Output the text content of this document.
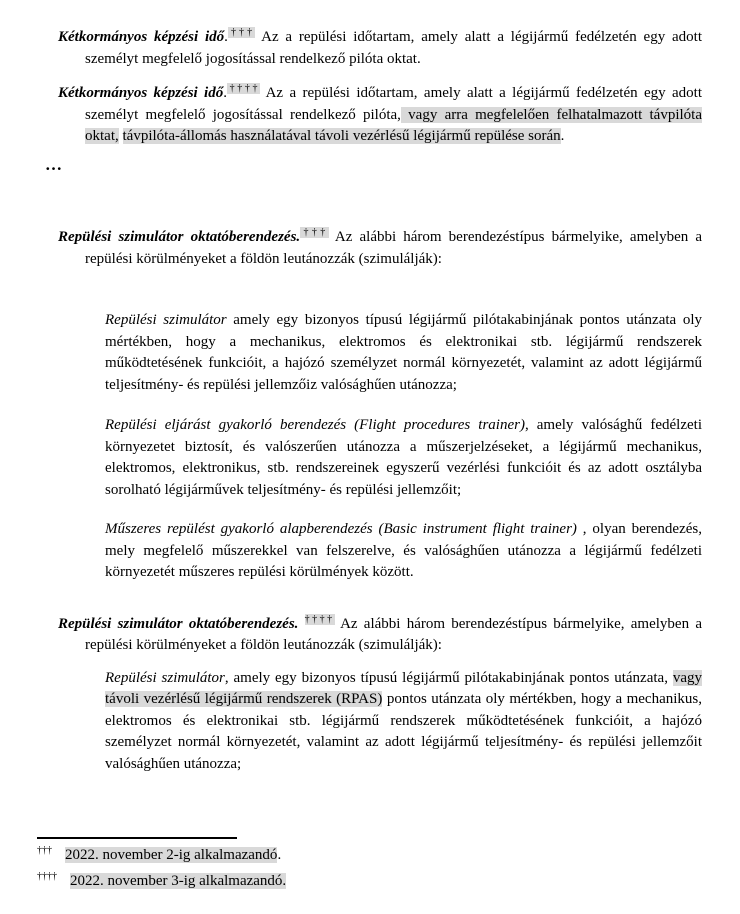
Kétkormányos képzési idő.††† Az a repülési időtartam, amely alatt a légijármű fedélzetén egy adott személyt megfelelő jogosítással rendelkező pilóta oktat.
Kétkormányos képzési idő.†††† Az a repülési időtartam, amely alatt a légijármű fedélzetén egy adott személyt megfelelő jogosítással rendelkező pilóta, vagy arra megfelelően felhatalmazott távpilóta oktat, távpilóta-állomás használatával távoli vezérlésű légijármű repülése során.
…
Repülési szimulátor oktatóberendezés.††† Az alábbi három berendezéstípus bármelyike, amelyben a repülési körülményeket a földön leutánozzák (szimulálják):
Repülési szimulátor amely egy bizonyos típusú légijármű pilótakabinjának pontos utánzata oly mértékben, hogy a mechanikus, elektromos és elektronikai stb. légijármű rendszerek működtetésének funkcióit, a hajózó személyzet normál környezetét, valamint az adott légijármű teljesítmény- és repülési jellemzőiz valósághűen utánozza;
Repülési eljárást gyakorló berendezés (Flight procedures trainer), amely valósághű fedélzeti környezetet biztosít, és valószerűen utánozza a műszerjelzéseket, a légijármű mechanikus, elektromos, elektronikus, stb. rendszereinek egyszerű vezérlési funkcióit és az adott osztályba sorolható légijárművek teljesítmény- és repülési jellemzőit;
Műszeres repülést gyakorló alapberendezés (Basic instrument flight trainer) , olyan berendezés, mely megfelelő műszerekkel van felszerelve, és valósághűen utánozza a légijármű fedélzeti környezetét műszeres repülési körülmények között.
Repülési szimulátor oktatóberendezés. †††† Az alábbi három berendezéstípus bármelyike, amelyben a repülési körülményeket a földön leutánozzák (szimulálják):
Repülési szimulátor, amely egy bizonyos típusú légijármű pilótakabinjának pontos utánzata, vagy távoli vezérlésű légijármű rendszerek (RPAS) pontos utánzata oly mértékben, hogy a mechanikus, elektromos és elektronikai stb. légijármű rendszerek működtetésének funkcióit, a hajózó személyzet normál környezetét, valamint az adott légijármű teljesítmény- és repülési jellemzőit valósághűen utánozza;
††† 2022. november 2-ig alkalmazandó.
†††† 2022. november 3-ig alkalmazandó.
